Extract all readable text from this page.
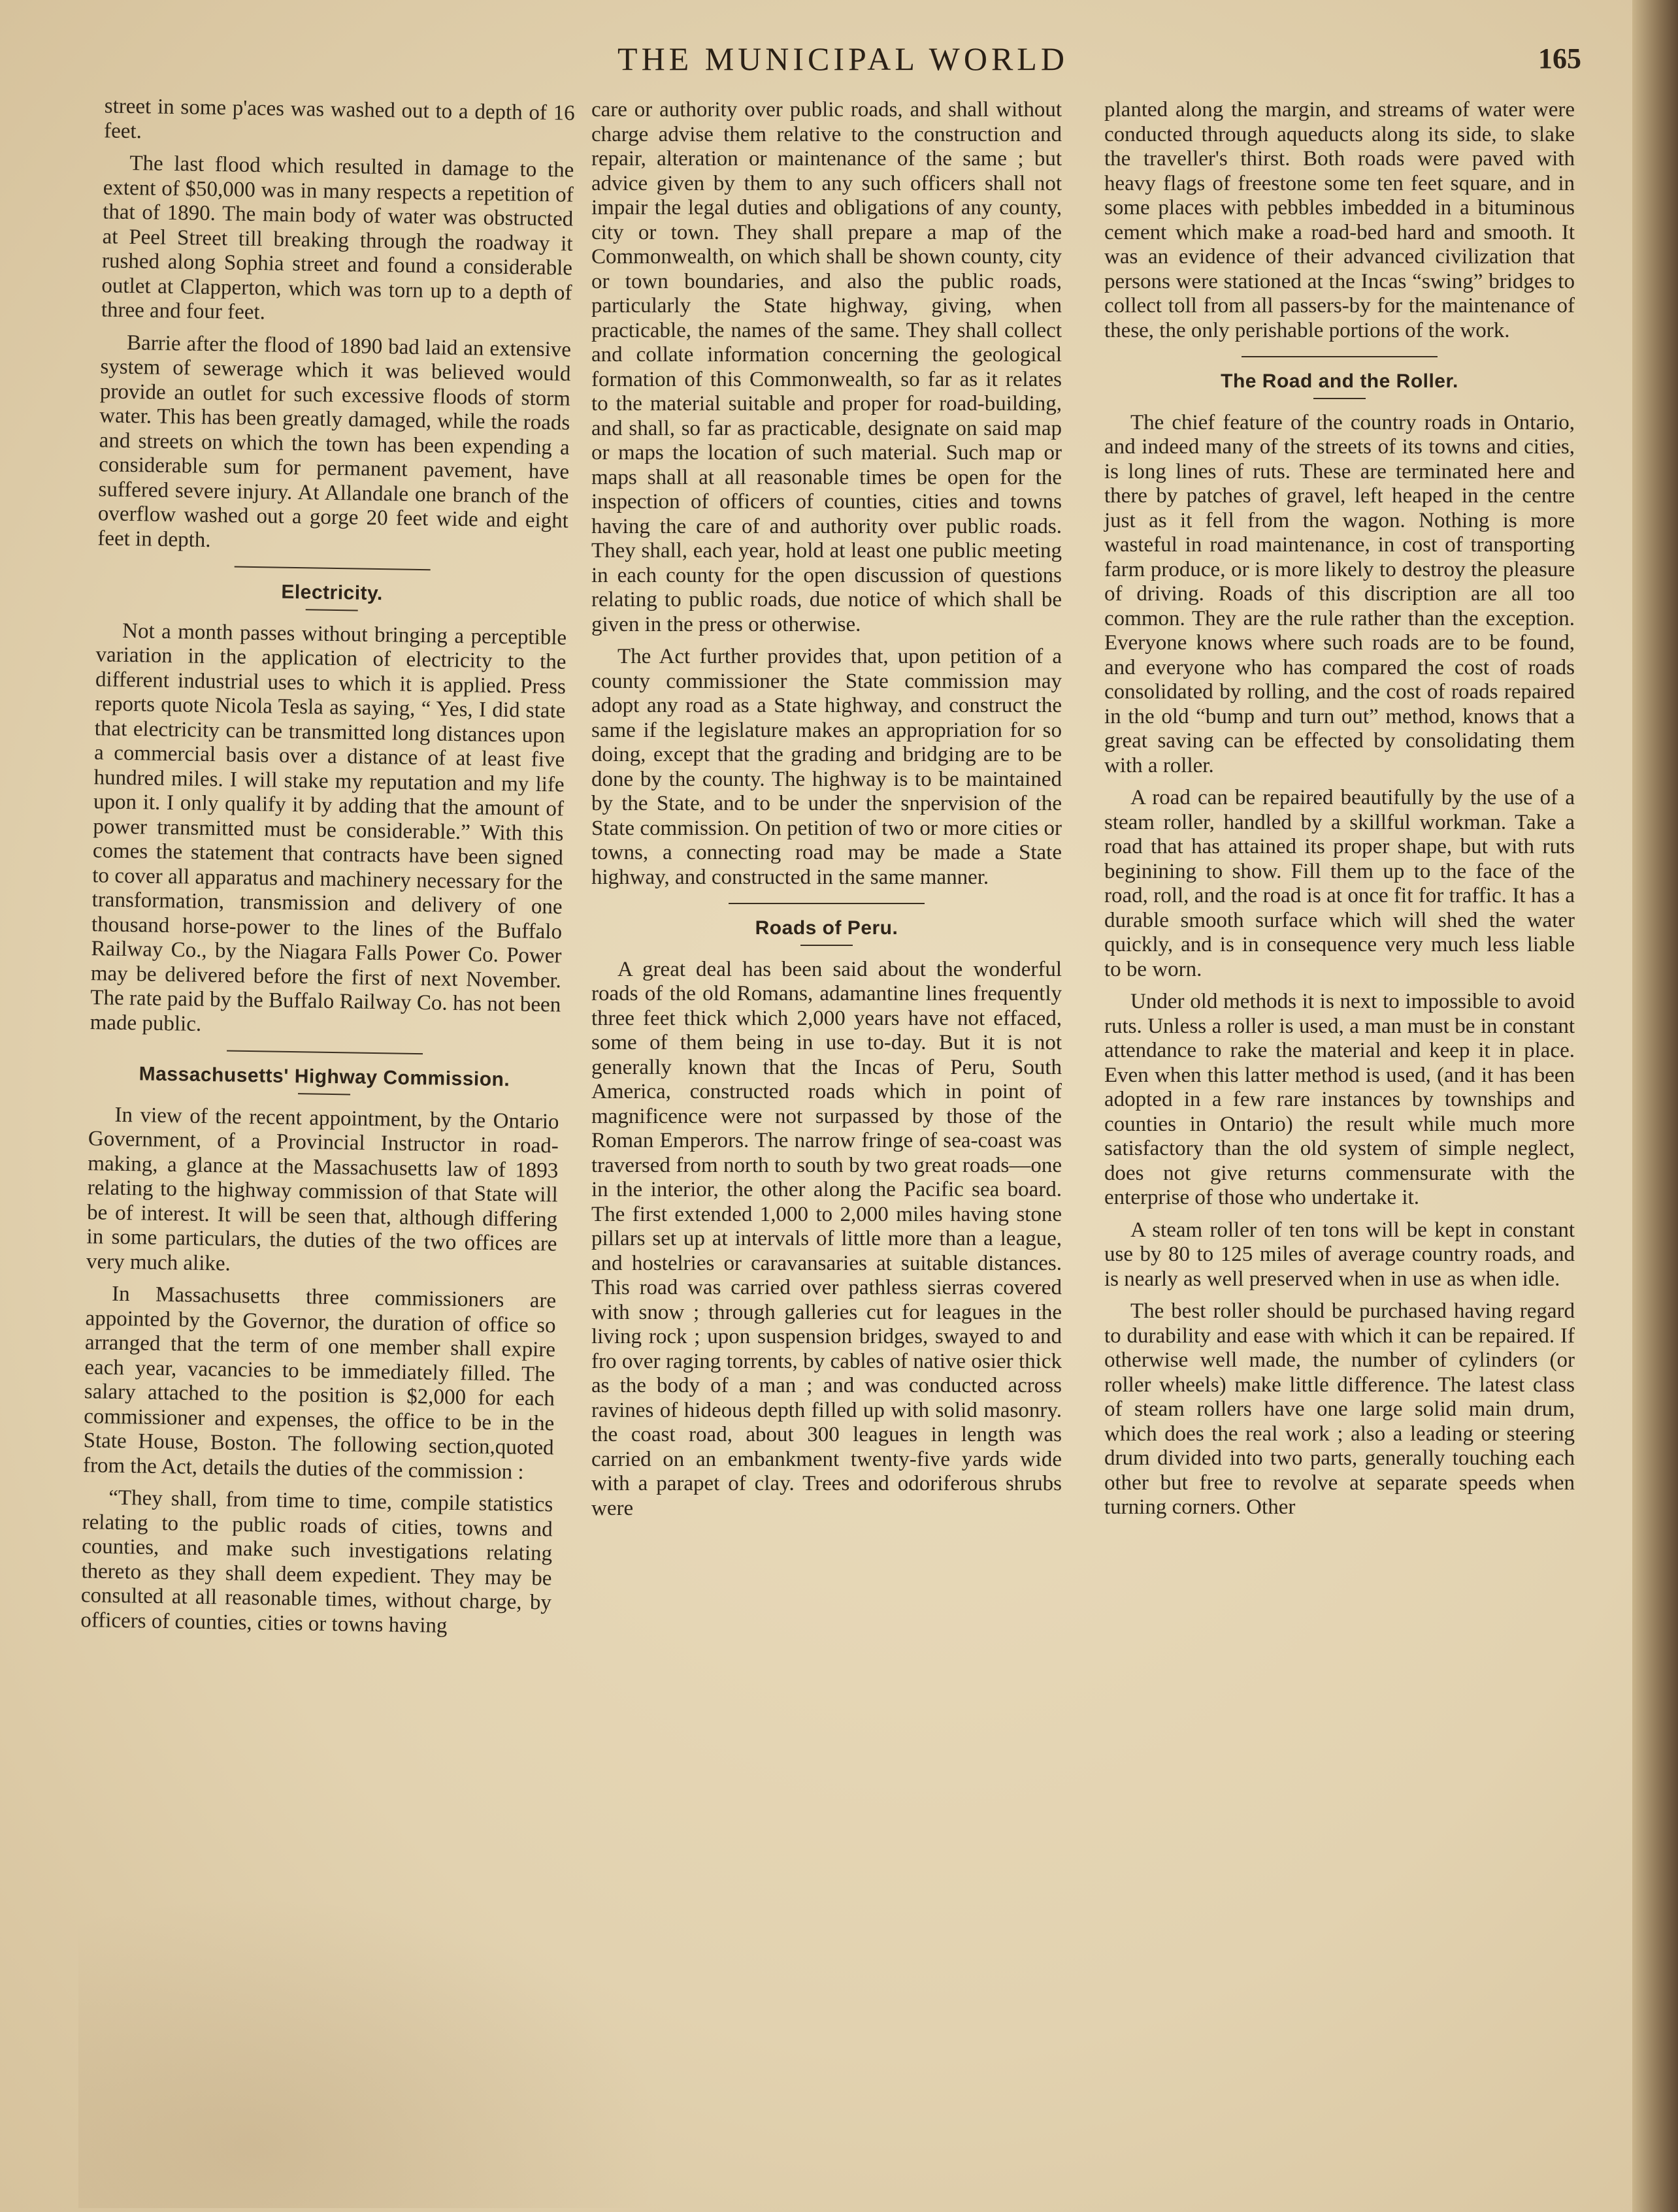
THE MUNICIPAL WORLD	165

street in some p'aces was washed out to a depth of 16 feet.

The last flood which resulted in damage to the extent of $50,000 was in many respects a repetition of that of 1890. The main body of water was obstructed at Peel Street till breaking through the roadway it rushed along Sophia street and found a considerable outlet at Clapperton, which was torn up to a depth of three and four feet.

Barrie after the flood of 1890 bad laid an extensive system of sewerage which it was believed would provide an outlet for such excessive floods of storm water. This has been greatly damaged, while the roads and streets on which the town has been expending a considerable sum for permanent pavement, have suffered severe injury. At Allandale one branch of the overflow washed out a gorge 20 feet wide and eight feet in depth.

Electricity.

Not a month passes without bringing a perceptible variation in the application of electricity to the different industrial uses to which it is applied. Press reports quote Nicola Tesla as saying, “ Yes, I did state that electricity can be transmitted long distances upon a commercial basis over a distance of at least five hundred miles. I will stake my reputation and my life upon it. I only qualify it by adding that the amount of power transmitted must be considerable.” With this comes the statement that contracts have been signed to cover all apparatus and machinery necessary for the transformation, transmission and delivery of one thousand horse-power to the lines of the Buffalo Railway Co., by the Niagara Falls Power Co. Power may be delivered before the first of next November. The rate paid by the Buffalo Railway Co. has not been made public.

Massachusetts' Highway Commission.

In view of the recent appointment, by the Ontario Government, of a Provincial Instructor in road-making, a glance at the Massachusetts law of 1893 relating to the highway commission of that State will be of interest. It will be seen that, although differing in some particulars, the duties of the two offices are very much alike.

In Massachusetts three commissioners are appointed by the Governor, the duration of office so arranged that the term of one member shall expire each year, vacancies to be immediately filled. The salary attached to the position is $2,000 for each commissioner and expenses, the office to be in the State House, Boston. The following section,quoted from the Act, details the duties of the commission :

“They shall, from time to time, compile statistics relating to the public roads of cities, towns and counties, and make such investigations relating thereto as they shall deem expedient. They may be consulted at all reasonable times, without charge, by officers of counties, cities or towns having

care or authority over public roads, and shall without charge advise them relative to the construction and repair, alteration or maintenance of the same ; but advice given by them to any such officers shall not impair the legal duties and obligations of any county, city or town. They shall prepare a map of the Commonwealth, on which shall be shown county, city or town boundaries, and also the public roads, particularly the State highway, giving, when practicable, the names of the same. They shall collect and collate information concerning the geological formation of this Commonwealth, so far as it relates to the material suitable and proper for road-building, and shall, so far as practicable, designate on said map or maps the location of such material. Such map or maps shall at all reasonable times be open for the inspection of officers of counties, cities and towns having the care of and authority over public roads. They shall, each year, hold at least one public meeting in each county for the open discussion of questions relating to public roads, due notice of which shall be given in the press or otherwise.

The Act further provides that, upon petition of a county commissioner the State commission may adopt any road as a State highway, and construct the same if the legislature makes an appropriation for so doing, except that the grading and bridging are to be done by the county. The highway is to be maintained by the State, and to be under the snpervision of the State commission. On petition of two or more cities or towns, a connecting road may be made a State highway, and constructed in the same manner.

Roads of Peru.

A great deal has been said about the wonderful roads of the old Romans, adamantine lines frequently three feet thick which 2,000 years have not effaced, some of them being in use to-day. But it is not generally known that the Incas of Peru, South America, constructed roads which in point of magnificence were not surpassed by those of the Roman Emperors. The narrow fringe of sea-coast was traversed from north to south by two great roads—one in the interior, the other along the Pacific sea board. The first extended 1,000 to 2,000 miles having stone pillars set up at intervals of little more than a league, and hostelries or caravansaries at suitable distances. This road was carried over pathless sierras covered with snow ; through galleries cut for leagues in the living rock ; upon suspension bridges, swayed to and fro over raging torrents, by cables of native osier thick as the body of a man ; and was conducted across ravines of hideous depth filled up with solid masonry. the coast road, about 300 leagues in length was carried on an embankment twenty-five yards wide with a parapet of clay. Trees and odoriferous shrubs were

planted along the margin, and streams of water were conducted through aqueducts along its side, to slake the traveller's thirst. Both roads were paved with heavy flags of freestone some ten feet square, and in some places with pebbles imbedded in a bituminous cement which make a road-bed hard and smooth. It was an evidence of their advanced civilization that persons were stationed at the Incas “swing” bridges to collect toll from all passers-by for the maintenance of these, the only perishable portions of the work.

The Road and the Roller.

The chief feature of the country roads in Ontario, and indeed many of the streets of its towns and cities, is long lines of ruts. These are terminated here and there by patches of gravel, left heaped in the centre just as it fell from the wagon. Nothing is more wasteful in road maintenance, in cost of transporting farm produce, or is more likely to destroy the pleasure of driving. Roads of this discription are all too common. They are the rule rather than the exception. Everyone knows where such roads are to be found, and everyone who has compared the cost of roads consolidated by rolling, and the cost of roads repaired in the old “bump and turn out” method, knows that a great saving can be effected by consolidating them with a roller.

A road can be repaired beautifully by the use of a steam roller, handled by a skillful workman. Take a road that has attained its proper shape, but with ruts beginining to show. Fill them up to the face of the road, roll, and the road is at once fit for traffic. It has a durable smooth surface which will shed the water quickly, and is in consequence very much less liable to be worn.

Under old methods it is next to impossible to avoid ruts. Unless a roller is used, a man must be in constant attendance to rake the material and keep it in place. Even when this latter method is used, (and it has been adopted in a few rare instances by townships and counties in Ontario) the result while much more satisfactory than the old system of simple neglect, does not give returns commensurate with the enterprise of those who undertake it.

A steam roller of ten tons will be kept in constant use by 80 to 125 miles of average country roads, and is nearly as well preserved when in use as when idle.

The best roller should be purchased having regard to durability and ease with which it can be repaired. If otherwise well made, the number of cylinders (or roller wheels) make little difference. The latest class of steam rollers have one large solid main drum, which does the real work ; also a leading or steering drum divided into two parts, generally touching each other but free to revolve at separate speeds when turning corners. Other
